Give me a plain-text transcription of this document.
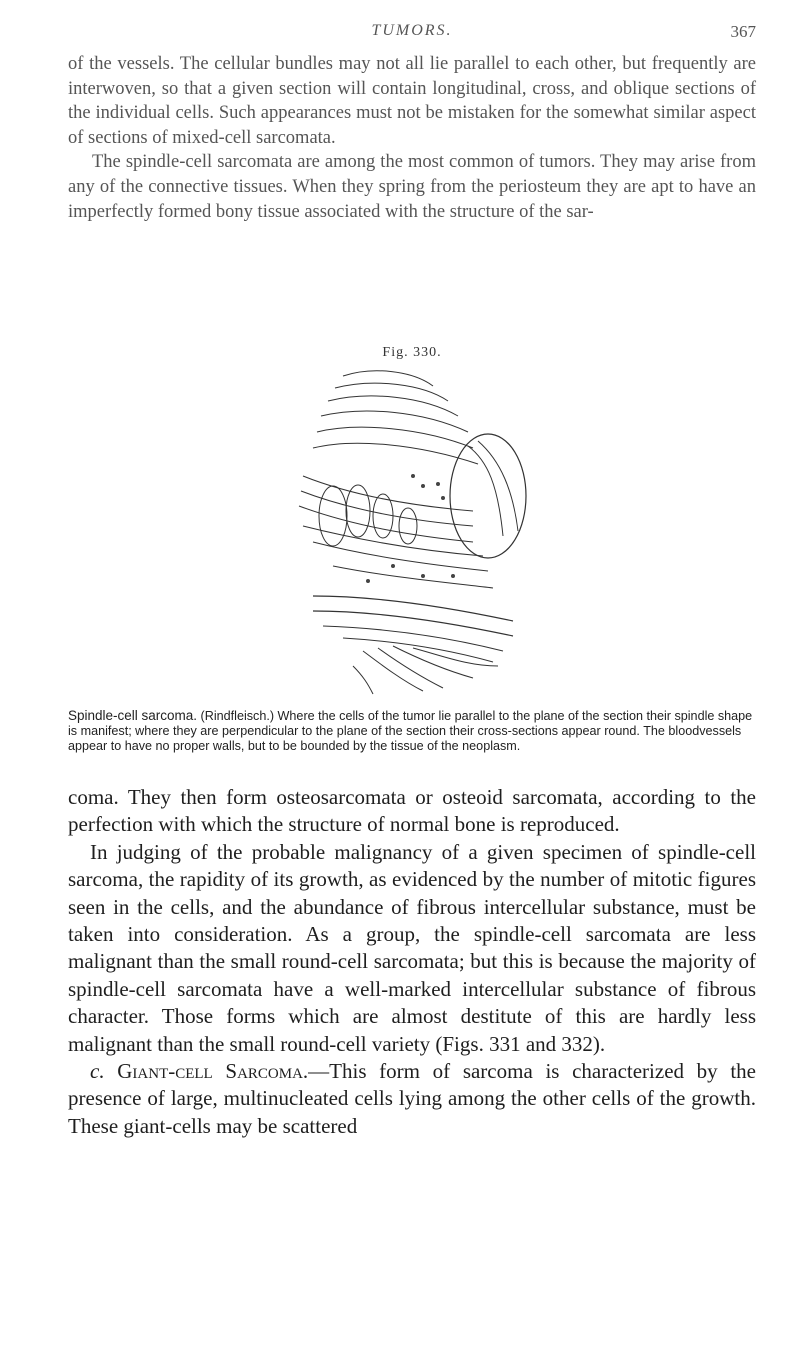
TUMORS.	367

of the vessels. The cellular bundles may not all lie parallel to each other, but frequently are interwoven, so that a given section will contain longitudinal, cross, and oblique sections of the individual cells. Such appearances must not be mistaken for the somewhat similar aspect of sections of mixed-cell sarcomata.

The spindle-cell sarcomata are among the most common of tumors. They may arise from any of the connective tissues. When they spring from the periosteum they are apt to have an imperfectly formed bony tissue associated with the structure of the sar-

Fig. 330.
Spindle-cell sarcoma. (Rindfleisch.) Where the cells of the tumor lie parallel to the plane of the section their spindle shape is manifest; where they are perpendicular to the plane of the section their cross-sections appear round. The bloodvessels appear to have no proper walls, but to be bounded by the tissue of the neoplasm.

coma. They then form osteosarcomata or osteoid sarcomata, according to the perfection with which the structure of normal bone is reproduced.

In judging of the probable malignancy of a given specimen of spindle-cell sarcoma, the rapidity of its growth, as evidenced by the number of mitotic figures seen in the cells, and the abundance of fibrous intercellular substance, must be taken into consideration. As a group, the spindle-cell sarcomata are less malignant than the small round-cell sarcomata; but this is because the majority of spindle-cell sarcomata have a well-marked intercellular substance of fibrous character. Those forms which are almost destitute of this are hardly less malignant than the small round-cell variety (Figs. 331 and 332).

c. Giant-cell Sarcoma.—This form of sarcoma is characterized by the presence of large, multinucleated cells lying among the other cells of the growth. These giant-cells may be scattered
